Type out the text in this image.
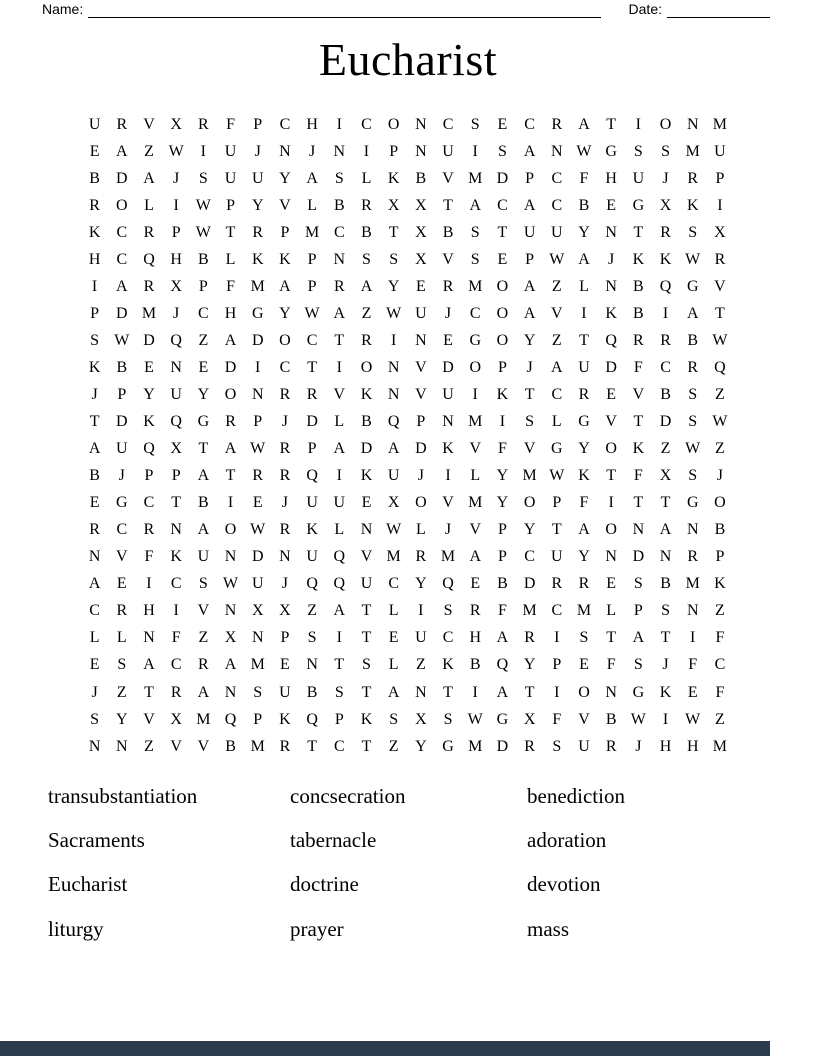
Name:	Date:
Eucharist
U	R	V X	R	F	P	C	H	I	C	O N	C	S	E	C	R	A	T	I	O N M
E	A	Z W	I	U	J	N	J	N	I	P	N U	I	S	A N W G	S	S M U
B	D A	J	S	U U Y A	S	L	K	B	V M D	P	C	F	H U	J	R	P
R	O	L	I	W P	Y V	L	B	R	X X	T	A	C	A	C	B	E	G X K	I
K	C	R	P W T	R	P M C	B	T	X	B	S	T	U U Y N	T	R	S	X
H	C	Q H	B	L	K K	P	N	S	S	X V	S	E	P W A	J	K K W R
I	A	R	X	P	F M A	P	R	A Y	E	R M O A	Z	L	N	B	Q G V
P	D M	J	C	H G Y W A	Z W U	J	C	O A V	I	K	B	I	A	T
S W D Q	Z	A D O	C	T	R	I	N	E	G O Y	Z	T	Q	R	R	B W
K	B	E	N	E	D	I	C	T	I	O N V D O	P	J	A U D	F	C	R	Q
J	P	Y U Y O N	R	R	V K N V U	I	K	T	C	R	E	V	B	S	Z
T	D K Q G	R	P	J	D	L	B	Q	P	N M	I	S	L	G V	T	D	S W
A U Q X	T	A W R	P	A D A D K V	F	V G Y O K	Z W Z
B	J	P	P	A	T	R	R	Q	I	K U	J	I	L	Y M W K	T	F	X	S	J
E	G	C	T	B	I	E	J	U U	E	X O V M Y O	P	F	I	T	T	G O
R	C	R	N A O W R	K	L	N W L	J	V	P	Y	T	A O N A N	B
N V	F	K U N D N U Q V M R M A	P	C	U Y N D N	R	P
A	E	I	C	S W U	J	Q Q U	C	Y Q	E	B	D	R	R	E	S	B M K
C	R	H	I	V N X X	Z	A	T	L	I	S	R	F M C M L	P	S	N	Z
L	L	N	F	Z	X N	P	S	I	T	E	U	C	H A	R	I	S	T	A	T	I	F
E	S	A	C	R	A M E	N	T	S	L	Z	K	B	Q Y	P	E	F	S	J	F	C
J	Z	T	R	A N	S	U	B	S	T	A N	T	I	A	T	I	O N G K	E	F
S	Y V X M Q	P	K Q	P	K	S	X	S W G X	F	V	B W	I	W Z
N N	Z	V V	B M R	T	C	T	Z	Y G M D	R	S	U	R	J	H H M
transubstantiation	concsecration	benediction
Sacraments	tabernacle	adoration
Eucharist	doctrine	devotion
liturgy	prayer	mass
